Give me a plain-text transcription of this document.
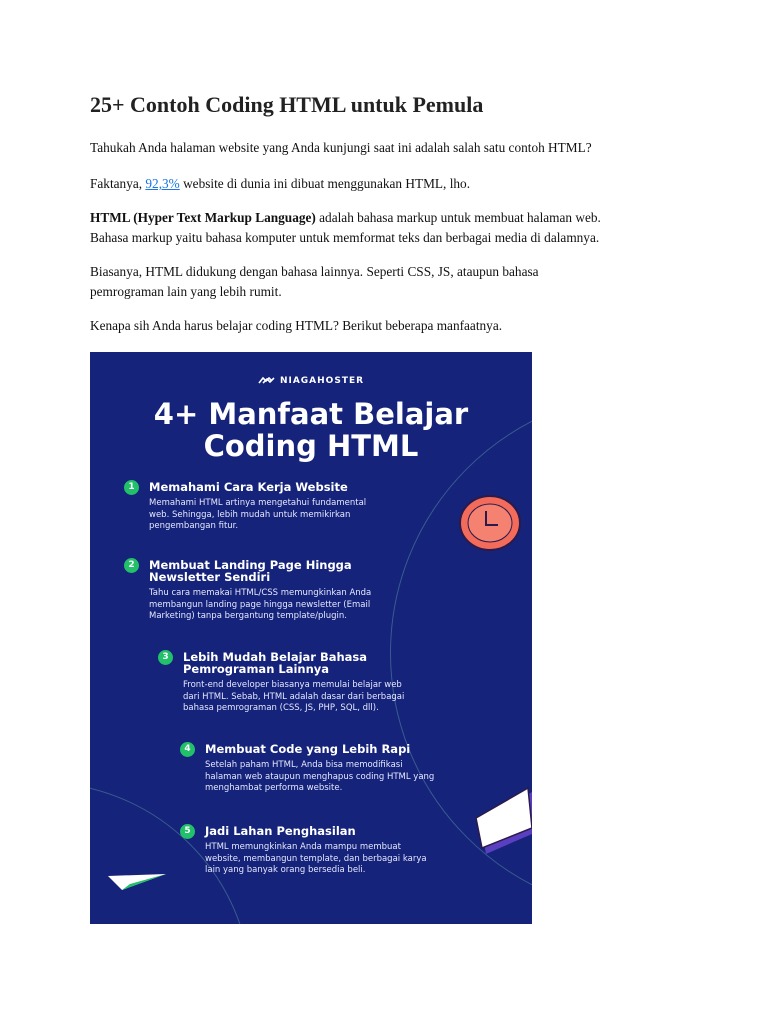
25+ Contoh Coding HTML untuk Pemula

Tahukah Anda halaman website yang Anda kunjungi saat ini adalah salah satu contoh HTML?

Faktanya, 92,3% website di dunia ini dibuat menggunakan HTML, lho.

HTML (Hyper Text Markup Language) adalah bahasa markup untuk membuat halaman web.
Bahasa markup yaitu bahasa komputer untuk memformat teks dan berbagai media di dalamnya.

Biasanya, HTML didukung dengan bahasa lainnya. Seperti CSS, JS, ataupun bahasa
pemrograman lain yang lebih rumit.

Kenapa sih Anda harus belajar coding HTML? Berikut beberapa manfaatnya.

NIAGAHOSTER
4+ Manfaat Belajar
Coding HTML
1	Memahami Cara Kerja Website

Memahami HTML artinya mengetahui fundamental
web. Sehingga, lebih mudah untuk memikirkan
pengembangan fitur.

2	Membuat Landing Page Hingga
Newsletter Sendiri

Tahu cara memakai HTML/CSS memungkinkan Anda
membangun landing page hingga newsletter (Email
Marketing) tanpa bergantung template/plugin.

3	Lebih Mudah Belajar Bahasa
Pemrograman Lainnya

Front-end developer biasanya memulai belajar web
dari HTML. Sebab, HTML adalah dasar dari berbagai
bahasa pemrograman (CSS, JS, PHP, SQL, dll).

4	Membuat Code yang Lebih Rapi

Setelah paham HTML, Anda bisa memodifikasi
halaman web ataupun menghapus coding HTML yang
menghambat performa website.

5	Jadi Lahan Penghasilan

HTML memungkinkan Anda mampu membuat
website, membangun template, dan berbagai karya
lain yang banyak orang bersedia beli.
